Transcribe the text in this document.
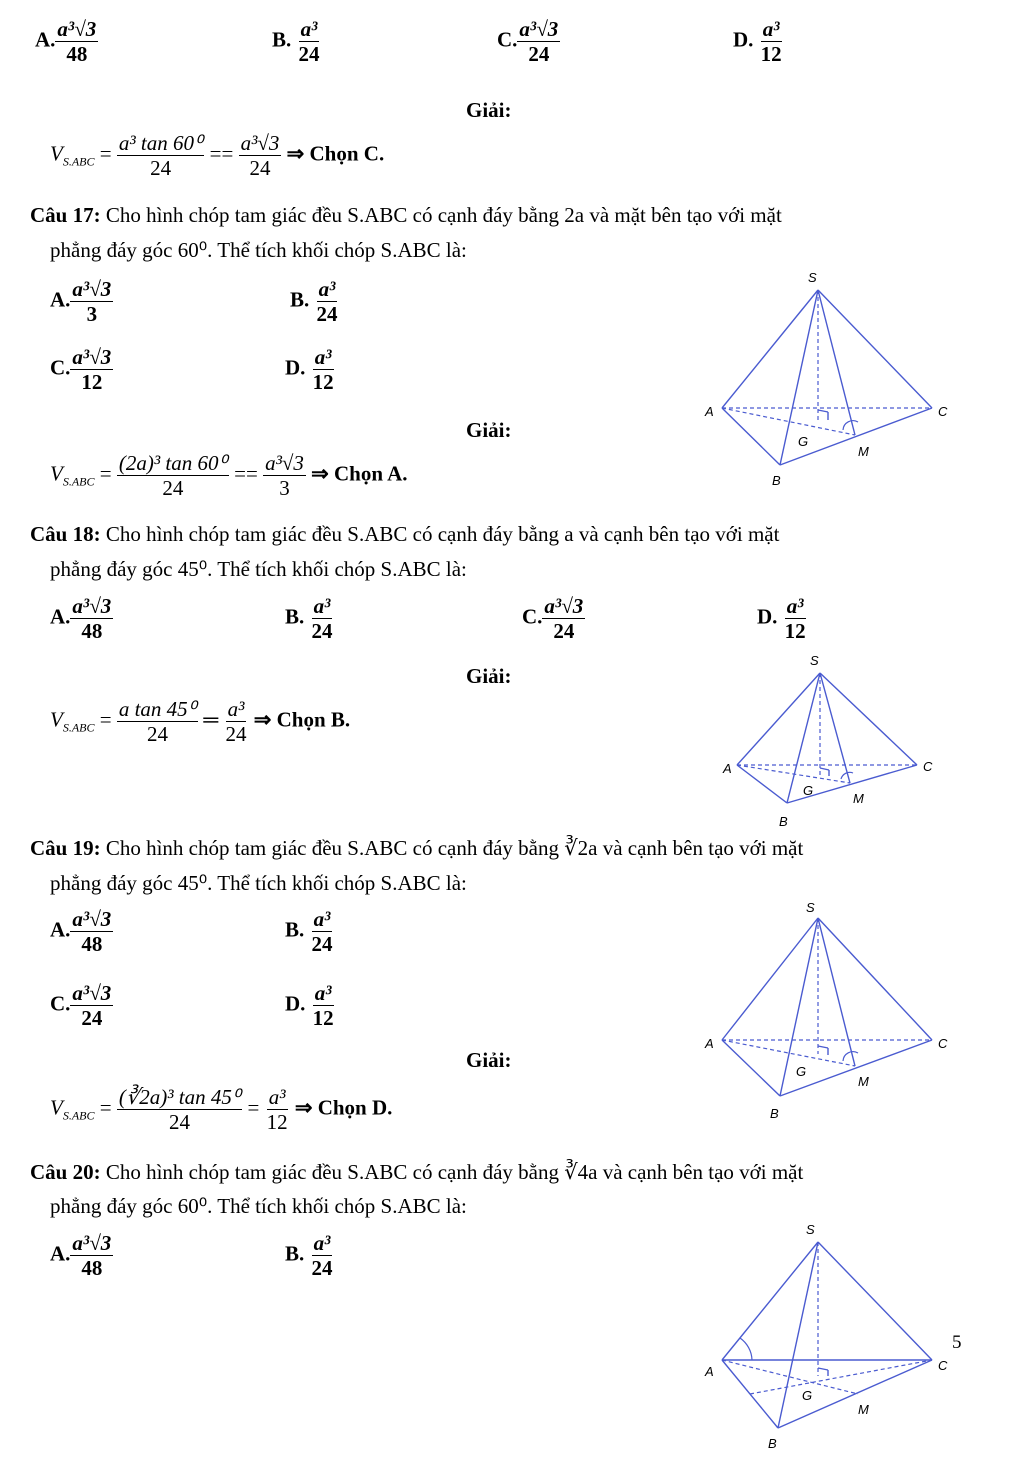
A. $\frac{\text{a³√3}}{48}$	B. $\frac{\text{a³}}{24}$	C. $\frac{\text{a³√3}}{24}$	D. $\frac{\text{a³}}{12}$
Giải:
$V_{S.ABC} = \frac{\text{a³ tan 60⁰}}{24} == \frac{\text{a³√3}}{24}$ ⇒ Chọn C.
Câu 17: Cho hình chóp tam giác đều S.ABC có cạnh đáy bằng 2a và mặt bên tạo với mặt
phẳng đáy góc 60⁰. Thể tích khối chóp S.ABC là:
A. $\frac{\text{a³√3}}{3}$	B. $\frac{\text{a³}}{24}$
C. $\frac{\text{a³√3}}{12}$	D. $\frac{\text{a³}}{12}$
Giải:
$V_{S.ABC} = \frac{\text{(2a)³ tan 60⁰}}{24} == \frac{\text{a³√3}}{3}$ ⇒ Chọn A.
Câu 18: Cho hình chóp tam giác đều S.ABC có cạnh đáy bằng a và cạnh bên tạo với mặt
phẳng đáy góc 45⁰. Thể tích khối chóp S.ABC là:
A. $\frac{\text{a³√3}}{48}$	B. $\frac{\text{a³}}{24}$	C. $\frac{\text{a³√3}}{24}$	D. $\frac{\text{a³}}{12}$
Giải:
$V_{S.ABC} = \frac{\text{a tan 45⁰}}{24}$ ═ $\frac{\text{a³}}{24}$ ⇒ Chọn B.
Câu 19: Cho hình chóp tam giác đều S.ABC có cạnh đáy bằng ∛2a và cạnh bên tạo với mặt
phẳng đáy góc 45⁰. Thể tích khối chóp S.ABC là:
A. $\frac{\text{a³√3}}{48}$	B. $\frac{\text{a³}}{24}$
C. $\frac{\text{a³√3}}{24}$	D. $\frac{\text{a³}}{12}$
Giải:
$V_{S.ABC} = \frac{\text{(∛2a)³ tan 45⁰}}{24} = \frac{\text{a³}}{12}$ ⇒ Chọn D.
Câu 20: Cho hình chóp tam giác đều S.ABC có cạnh đáy bằng ∛4a và cạnh bên tạo với mặt
phẳng đáy góc 60⁰. Thể tích khối chóp S.ABC là:
A. $\frac{\text{a³√3}}{48}$	B. $\frac{\text{a³}}{24}$
5
S
A	C
B
G
M
S
A	C
B
G
M
S
A	C
B
G
M
S
A	C
B
G
M
